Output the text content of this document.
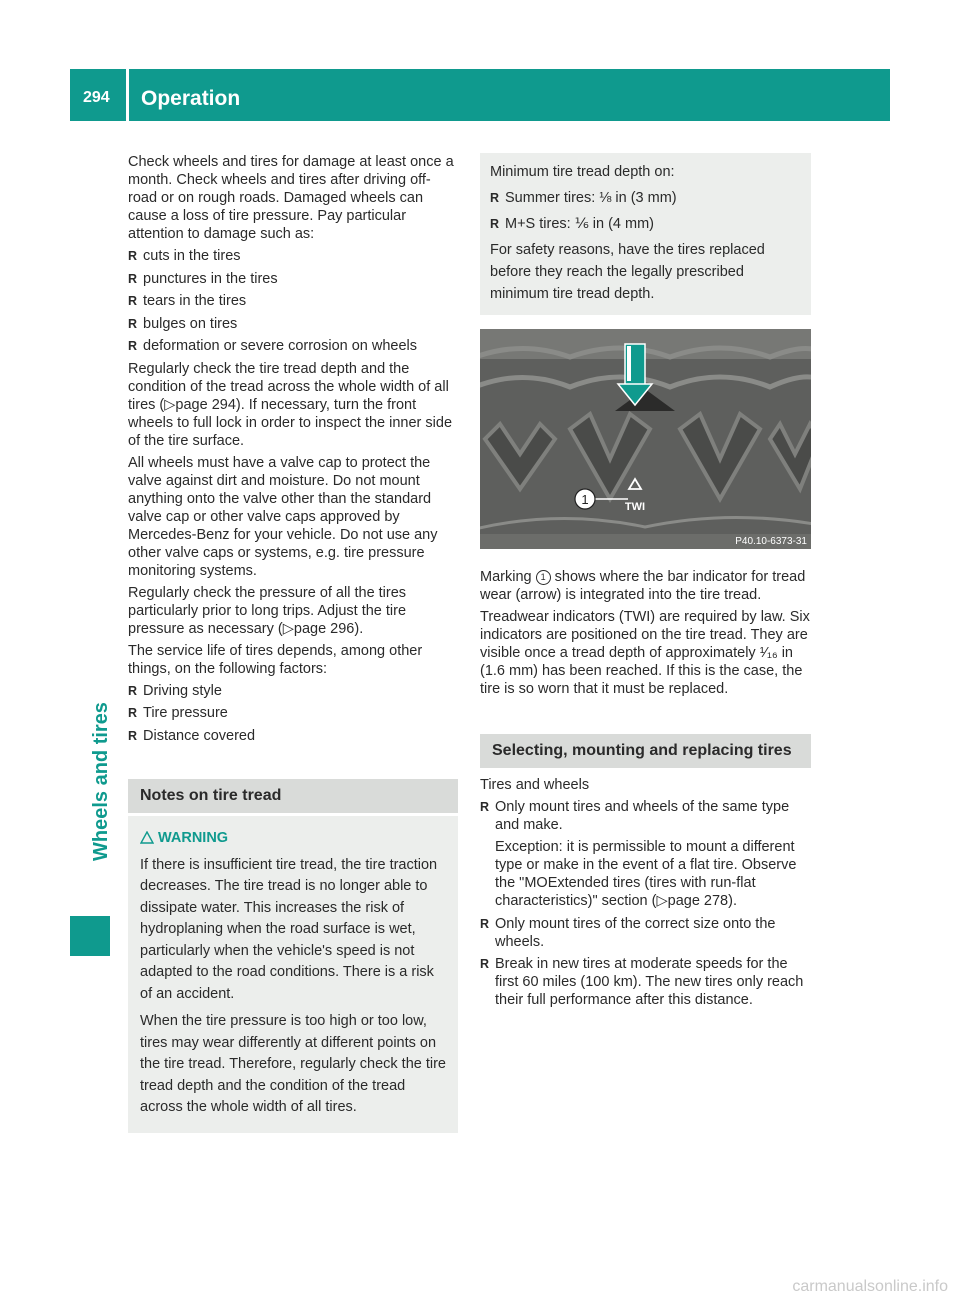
294 Operation
Wheels and tires

Check wheels and tires for damage at least once a month. Check wheels and tires after driving off-road or on rough roads. Damaged wheels can cause a loss of tire pressure. Pay particular attention to damage such as:

R cuts in the tires
R punctures in the tires
R tears in the tires
R bulges on tires
R deformation or severe corrosion on wheels

Regularly check the tire tread depth and the condition of the tread across the whole width of all tires (▷page 294). If necessary, turn the front wheels to full lock in order to inspect the inner side of the tire surface.

All wheels must have a valve cap to protect the valve against dirt and moisture. Do not mount anything onto the valve other than the standard valve cap or other valve caps approved by Mercedes-Benz for your vehicle. Do not use any other valve caps or systems, e.g. tire pressure monitoring systems.

Regularly check the pressure of all the tires particularly prior to long trips. Adjust the tire pressure as necessary (▷page 296).

The service life of tires depends, among other things, on the following factors:

R Driving style
R Tire pressure
R Distance covered
Notes on tire tread
WARNING

If there is insufficient tire tread, the tire traction decreases. The tire tread is no longer able to dissipate water. This increases the risk of hydroplaning when the road surface is wet, particularly when the vehicle's speed is not adapted to the road conditions. There is a risk of an accident.

When the tire pressure is too high or too low, tires may wear differently at different points on the tire tread. Therefore, regularly check the tire tread depth and the condition of the tread across the whole width of all tires.

Minimum tire tread depth on:

R Summer tires: ⅛ in (3 mm)
R M+S tires: ⅙ in (4 mm)

For safety reasons, have the tires replaced before they reach the legally prescribed minimum tire tread depth.

1	TWI
P40.10-6373-31

Marking 1 shows where the bar indicator for tread wear (arrow) is integrated into the tire tread.

Treadwear indicators (TWI) are required by law. Six indicators are positioned on the tire tread. They are visible once a tread depth of approximately ¹⁄₁₆ in (1.6 mm) has been reached. If this is the case, the tire is so worn that it must be replaced.

Selecting, mounting and replacing tires

Tires and wheels

R Only mount tires and wheels of the same type and make.
Exception: it is permissible to mount a different type or make in the event of a flat tire. Observe the "MOExtended tires (tires with run-flat characteristics)" section (▷page 278).
R Only mount tires of the correct size onto the wheels.
R Break in new tires at moderate speeds for the first 60 miles (100 km). The new tires only reach their full performance after this distance.
carmanualsonline.info
